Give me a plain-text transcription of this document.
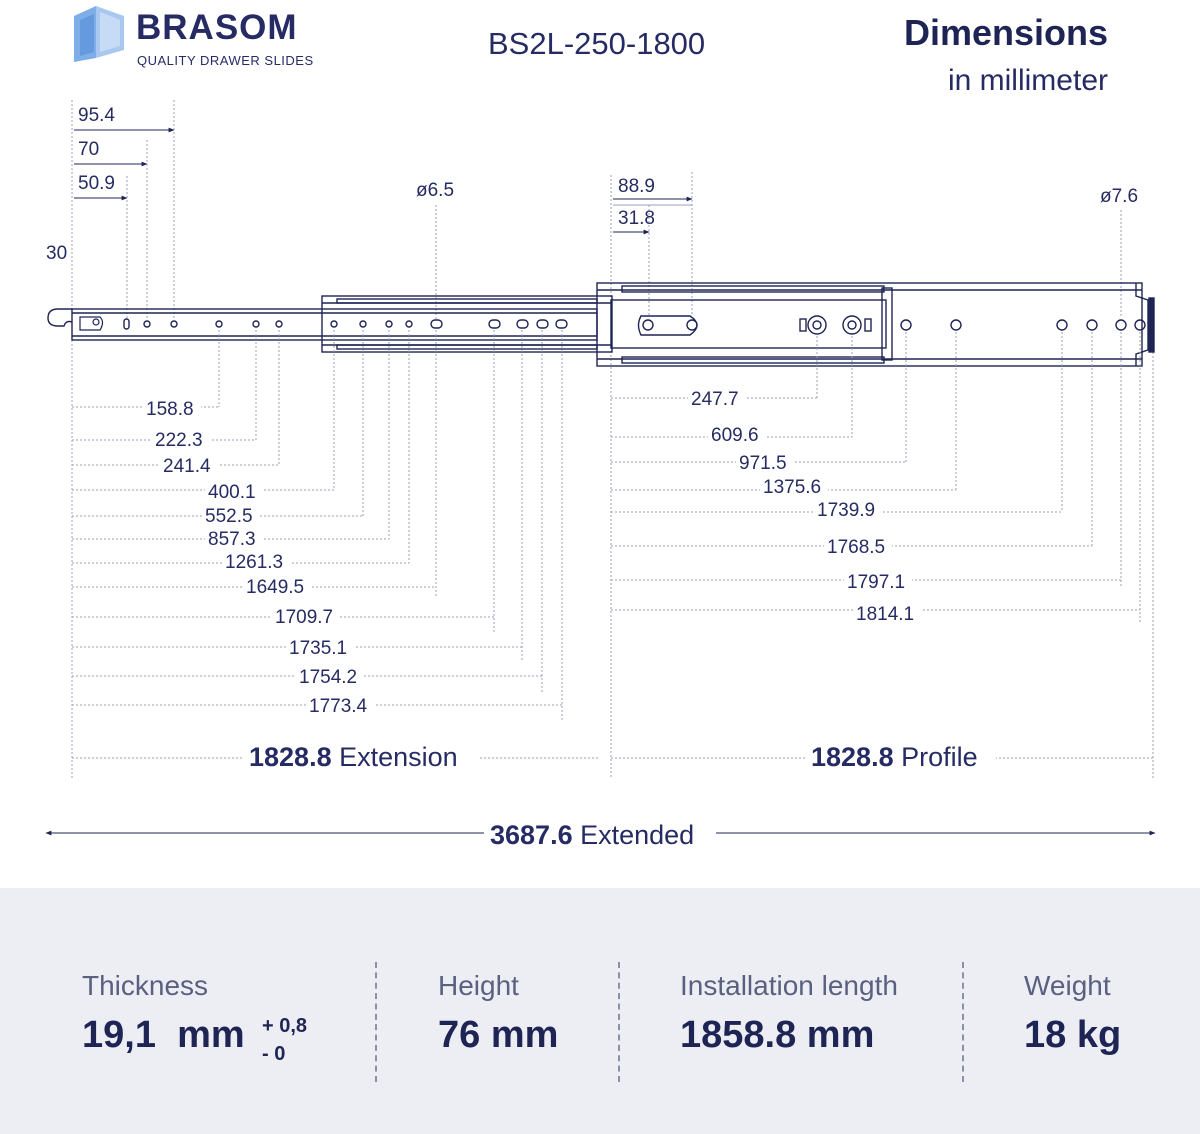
BRASOM
QUALITY DRAWER SLIDES	BS2L-250-1800	Dimensions
in millimeter
95.4
70
50.9	ø6.5
30
88.9
31.8
ø7.6
158.8
222.3
241.4
400.1
552.5
857.3
1261.3
1649.5
1709.7
1735.1
1754.2
1773.4
247.7
609.6
971.5
1375.6
1739.9
1768.5
1797.1
1814.1
1828.8 Extension	1828.8 Profile
3687.6 Extended
Thickness
19,1  mm + 0,8
- 0
Height
76 mm
Installation length
1858.8 mm
Weight
18 kg
